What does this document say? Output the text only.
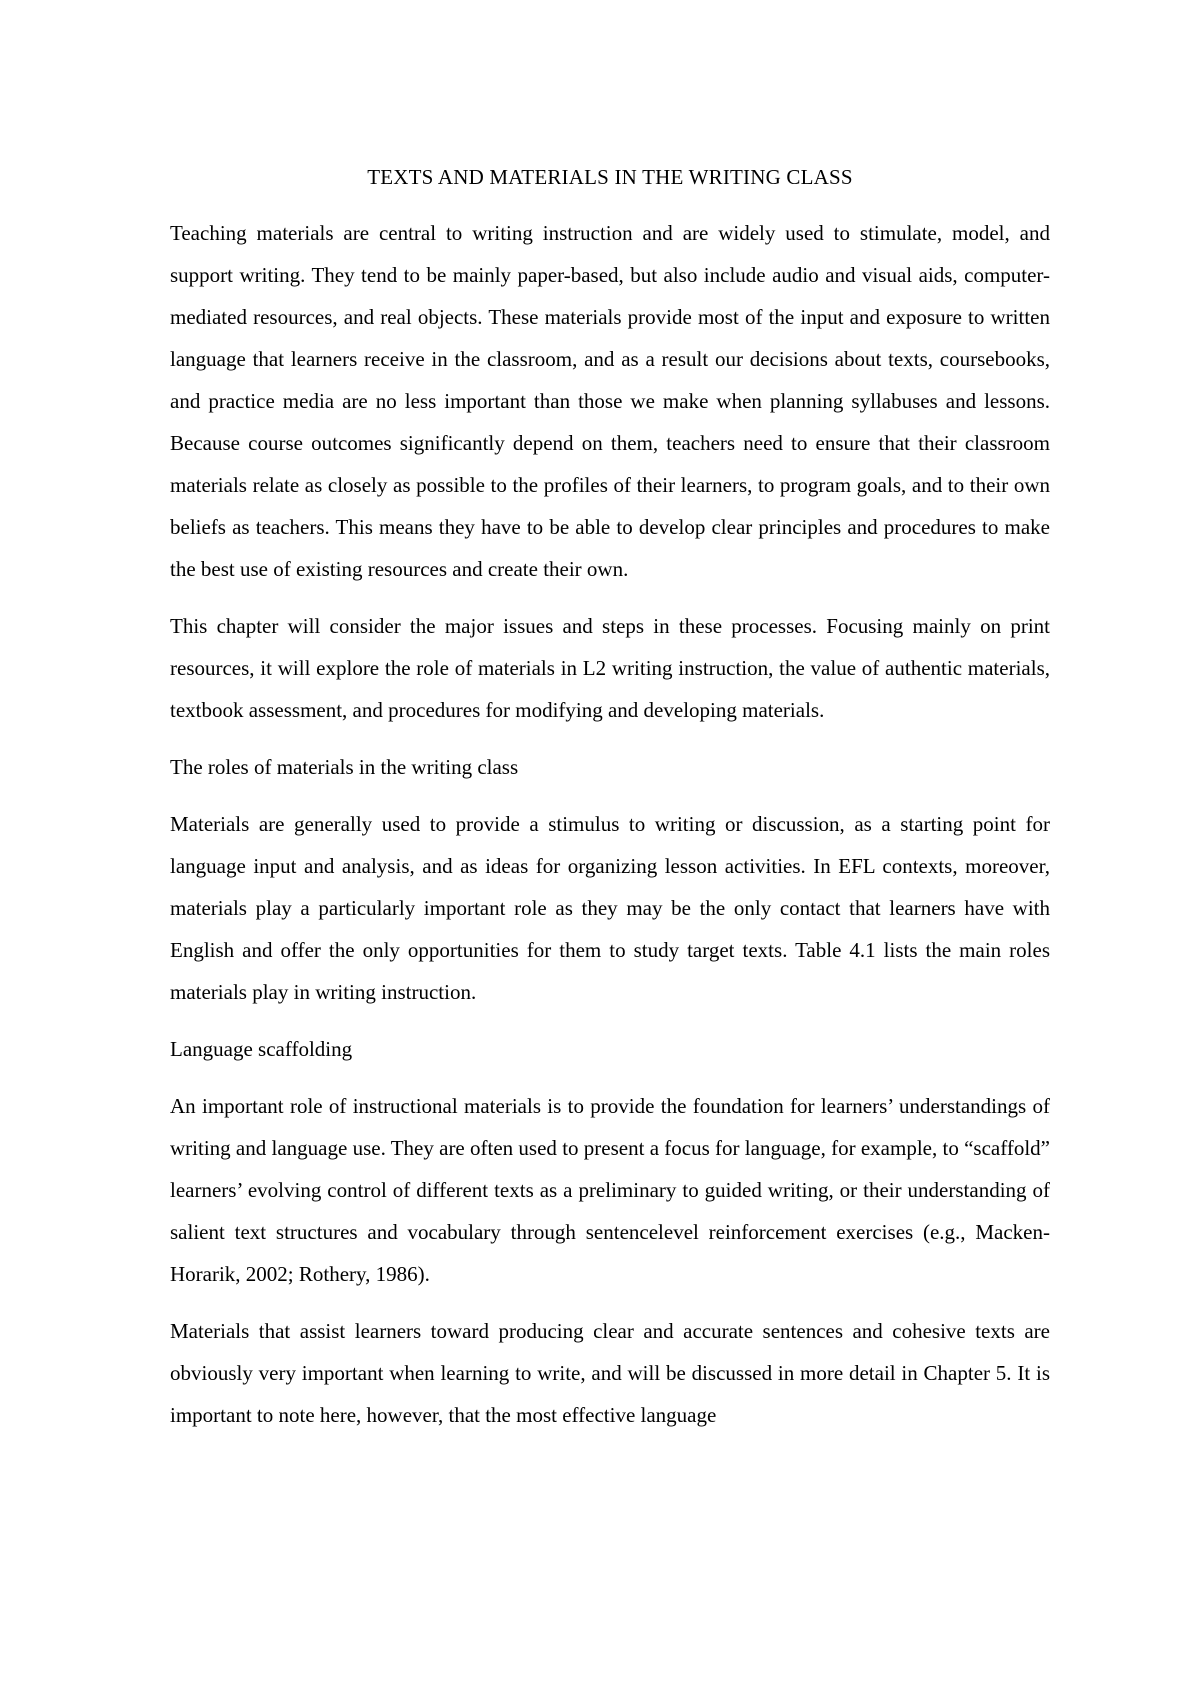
TEXTS AND MATERIALS IN THE WRITING CLASS

Teaching materials are central to writing instruction and are widely used to stimulate, model, and support writing. They tend to be mainly paper-based, but also include audio and visual aids, computer-mediated resources, and real objects. These materials provide most of the input and exposure to written language that learners receive in the classroom, and as a result our decisions about texts, coursebooks, and practice media are no less important than those we make when planning syllabuses and lessons. Because course outcomes significantly depend on them, teachers need to ensure that their classroom materials relate as closely as possible to the profiles of their learners, to program goals, and to their own beliefs as teachers. This means they have to be able to develop clear principles and procedures to make the best use of existing resources and create their own.

This chapter will consider the major issues and steps in these processes. Focusing mainly on print resources, it will explore the role of materials in L2 writing instruction, the value of authentic materials, textbook assessment, and procedures for modifying and developing materials.

The roles of materials in the writing class

Materials are generally used to provide a stimulus to writing or discussion, as a starting point for language input and analysis, and as ideas for organizing lesson activities. In EFL contexts, moreover, materials play a particularly important role as they may be the only contact that learners have with English and offer the only opportunities for them to study target texts. Table 4.1 lists the main roles materials play in writing instruction.

Language scaffolding

An important role of instructional materials is to provide the foundation for learners’ understandings of writing and language use. They are often used to present a focus for language, for example, to “scaffold” learners’ evolving control of different texts as a preliminary to guided writing, or their understanding of salient text structures and vocabulary through sentencelevel reinforcement exercises (e.g., Macken-Horarik, 2002; Rothery, 1986).

Materials that assist learners toward producing clear and accurate sentences and cohesive texts are obviously very important when learning to write, and will be discussed in more detail in Chapter 5. It is important to note here, however, that the most effective language
